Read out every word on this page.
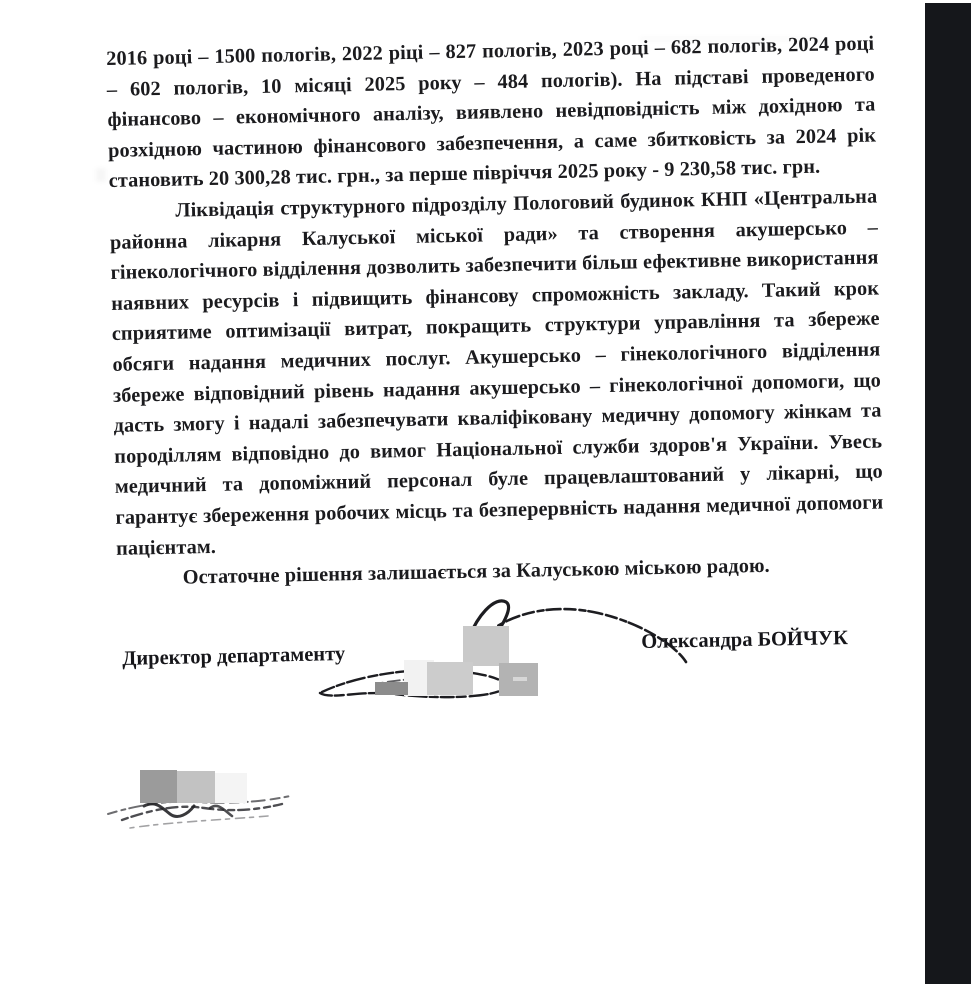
2016 році – 1500 пологів, 2022 ріці – 827 пологів, 2023 році – 682 пологів, 2024 році – 602 пологів, 10 місяці 2025 року – 484 пологів). На підставі проведеного фінансово – економічного аналізу, виявлено невідповідність між дохідною та розхідною частиною фінансового забезпечення, а саме збитковість за 2024 рік становить 20 300,28 тис. грн., за перше півріччя 2025 року - 9 230,58 тис. грн.

Ліквідація структурного підрозділу Пологовий будинок КНП «Центральна районна лікарня Калуської міської ради» та створення акушерсько – гінекологічного відділення дозволить забезпечити більш ефективне використання наявних ресурсів і підвищить фінансову спроможність закладу. Такий крок сприятиме оптимізації витрат, покращить структури управління та збереже обсяги надання медичних послуг. Акушерсько – гінекологічного відділення збереже відповідний рівень надання акушерсько – гінекологічної допомоги, що дасть змогу і надалі забезпечувати кваліфіковану медичну допомогу жінкам та породіллям відповідно до вимог Національної служби здоров'я України. Увесь медичний та допоміжний персонал буле працевлаштований у лікарні, що гарантує збереження робочих місць та безперервність надання медичної допомоги пацієнтам.

Остаточне рішення залишається за Калуською міською радою.

Директор департаменту
Олександра БОЙЧУК
